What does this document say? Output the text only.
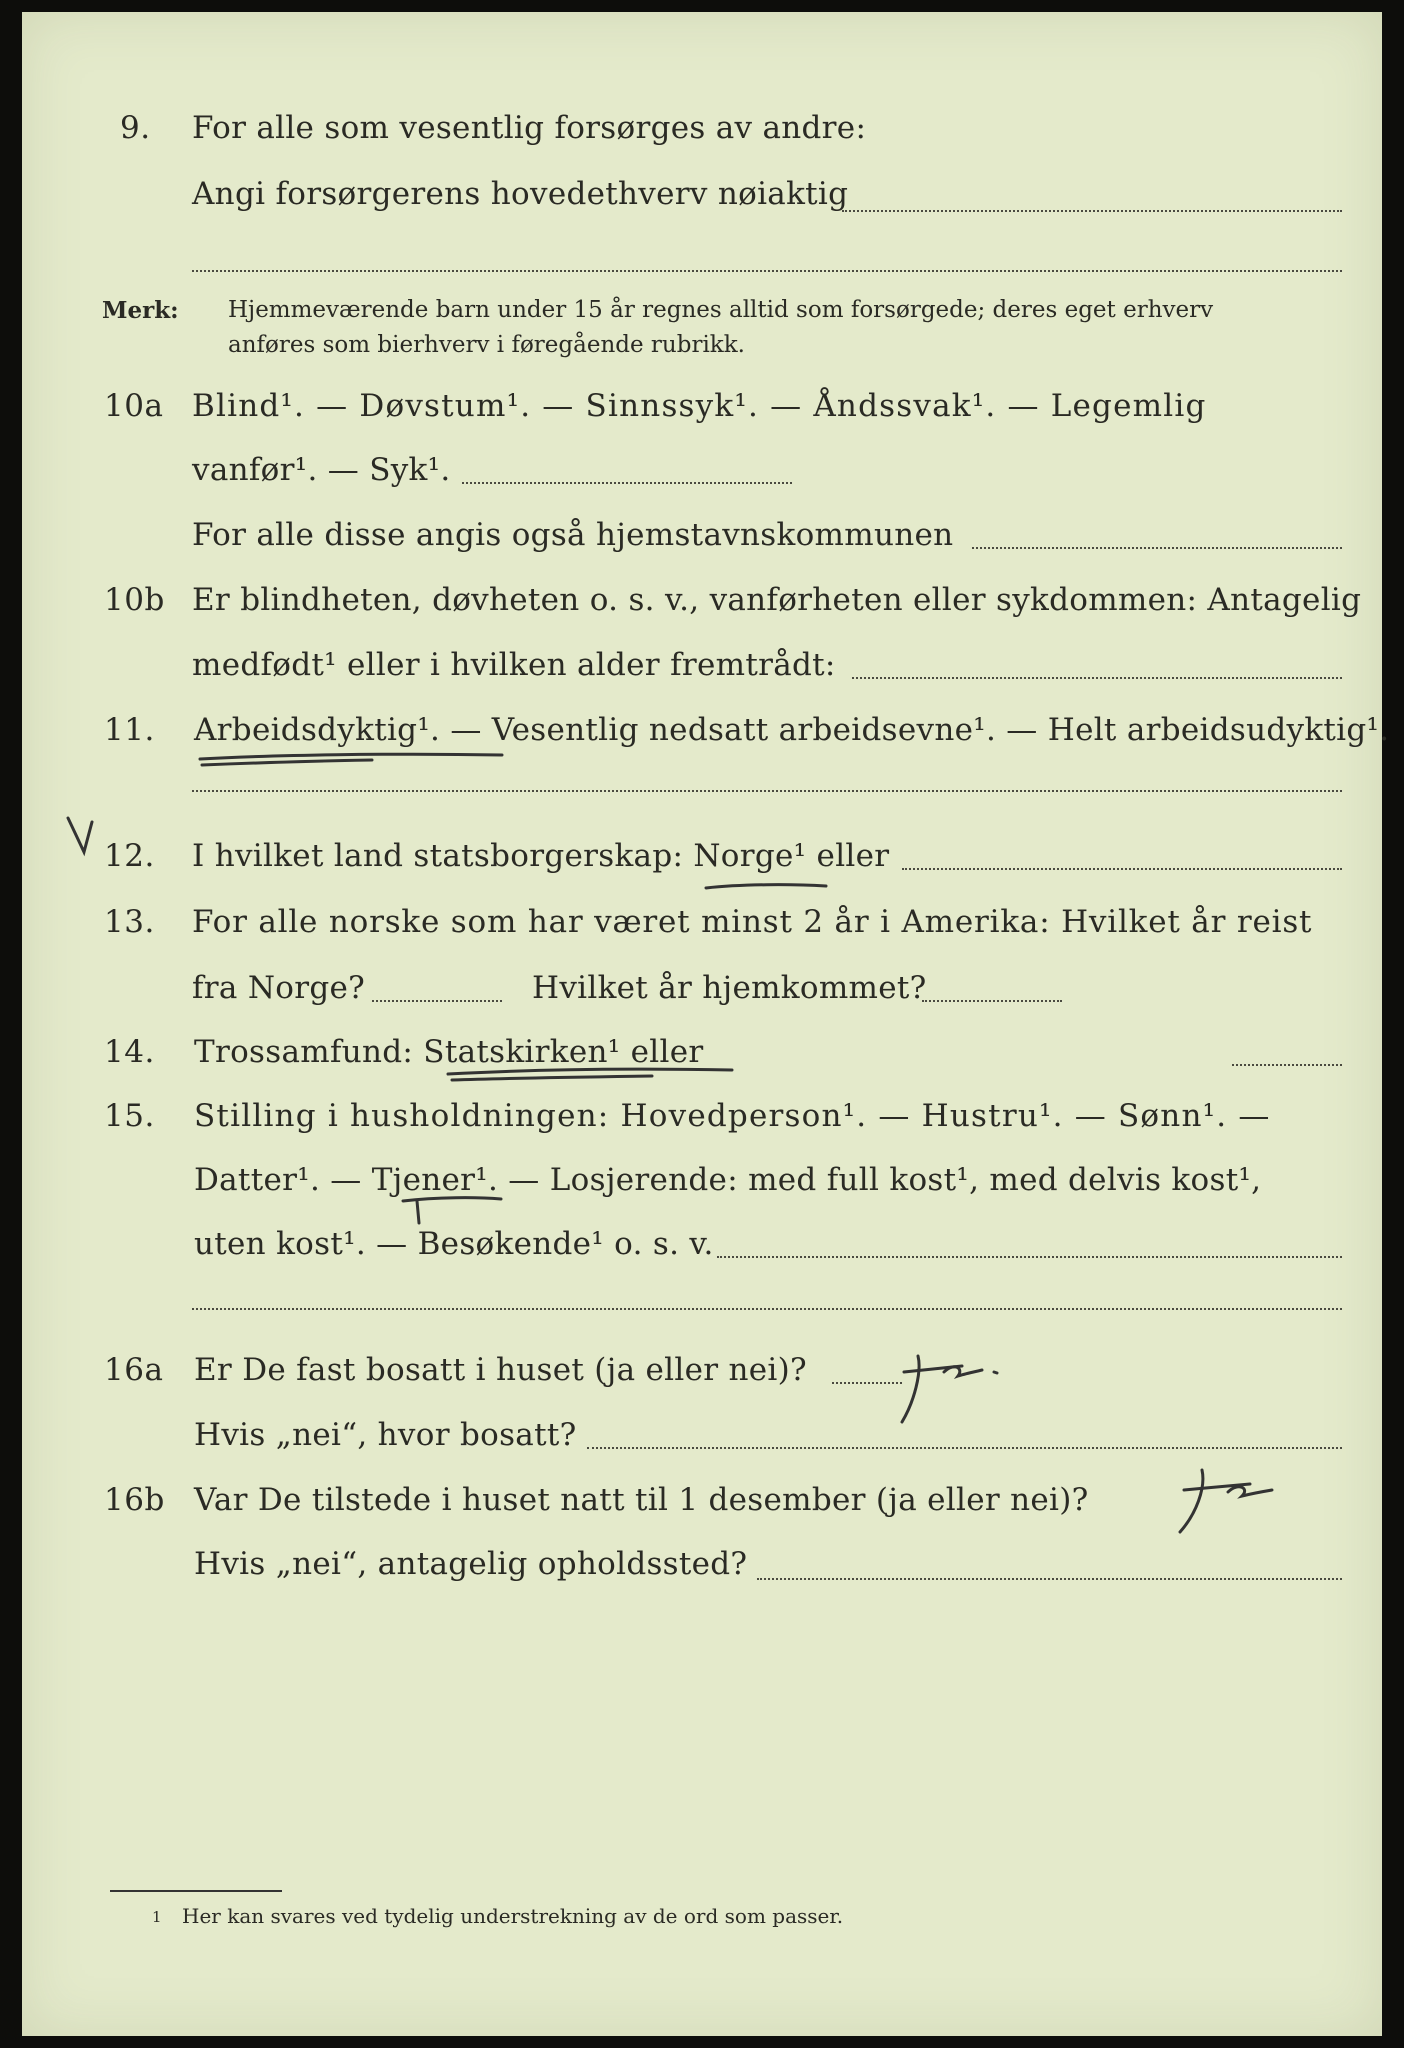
9. For alle som vesentlig forsørges av andre:
Angi forsørgerens hovedethverv nøiaktig
Merk: Hjemmeværende barn under 15 år regnes alltid som forsørgede; deres eget erhverv
anføres som bierhverv i føregående rubrikk.
10a Blind¹. — Døvstum¹. — Sinnssyk¹. — Åndssvak¹. — Legemlig
vanfør¹. — Syk¹.
For alle disse angis også hjemstavnskommunen
10b Er blindheten, døvheten o. s. v., vanførheten eller sykdommen: Antagelig
medfødt¹ eller i hvilken alder fremtrådt:
11. Arbeidsdyktig¹. — Vesentlig nedsatt arbeidsevne¹. — Helt arbeidsudyktig¹.
12. I hvilket land statsborgerskap: Norge¹ eller
13. For alle norske som har været minst 2 år i Amerika: Hvilket år reist
fra Norge?	Hvilket år hjemkommet?
14. Trossamfund: Statskirken¹ eller
15. Stilling i husholdningen: Hovedperson¹. — Hustru¹. — Sønn¹. —
Datter¹. — Tjener¹. — Losjerende: med full kost¹, med delvis kost¹,
uten kost¹. — Besøkende¹ o. s. v.
16a Er De fast bosatt i huset (ja eller nei)?
Hvis „nei“, hvor bosatt?
16b Var De tilstede i huset natt til 1 desember (ja eller nei)?
Hvis „nei“, antagelig opholdssted?
1 Her kan svares ved tydelig understrekning av de ord som passer.
